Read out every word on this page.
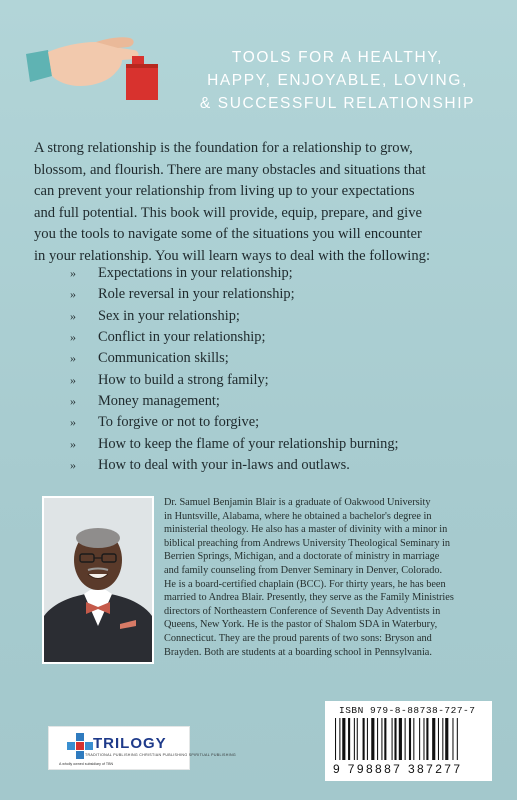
TOOLS FOR A HEALTHY,
HAPPY, ENJOYABLE, LOVING,
& SUCCESSFUL RELATIONSHIP
A strong relationship is the foundation for a relationship to grow,
blossom, and flourish. There are many obstacles and situations that
can prevent your relationship from living up to your expectations
and full potential. This book will provide, equip, prepare, and give
you the tools to navigate some of the situations you will encounter
in your relationship. You will learn ways to deal with the following:
»	Expectations in your relationship;
»	Role reversal in your relationship;
»	Sex in your relationship;
»	Conflict in your relationship;
»	Communication skills;
»	How to build a strong family;
»	Money management;
»	To forgive or not to forgive;
»	How to keep the flame of your relationship burning;
»	How to deal with your in-laws and outlaws.
Dr. Samuel Benjamin Blair is a graduate of Oakwood University
in Huntsville, Alabama, where he obtained a bachelor's degree in
ministerial theology. He also has a master of divinity with a minor in
biblical preaching from Andrews University Theological Seminary in
Berrien Springs, Michigan, and a doctorate of ministry in marriage
and family counseling from Denver Seminary in Denver, Colorado.
He is a board-certified chaplain (BCC). For thirty years, he has been
married to Andrea Blair. Presently, they serve as the Family Ministries
directors of Northeastern Conference of Seventh Day Adventists in
Queens, New York. He is the pastor of Shalom SDA in Waterbury,
Connecticut. They are the proud parents of two sons: Bryson and
Brayden. Both are students at a boarding school in Pennsylvania.
TRILOGY
TRADITIONAL PUBLISHING CHRISTIAN PUBLISHING SPIRITUAL PUBLISHING
A wholly owned subsidiary of TBN
ISBN 979-8-88738-727-7
9 798887 387277
